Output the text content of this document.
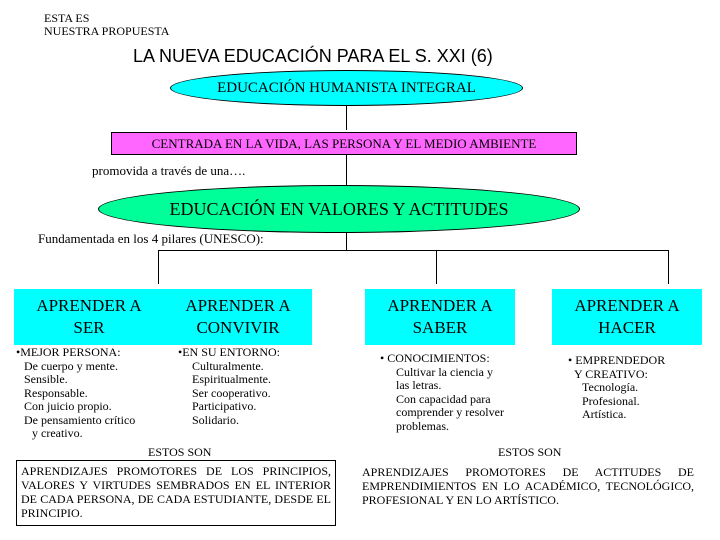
ESTA ES
NUESTRA PROPUESTA
LA NUEVA EDUCACIÓN PARA EL S. XXI (6)
EDUCACIÓN HUMANISTA INTEGRAL
CENTRADA EN LA VIDA, LAS PERSONA Y EL MEDIO AMBIENTE
promovida a través de una….
EDUCACIÓN EN VALORES Y ACTITUDES
Fundamentada en los 4 pilares (UNESCO):
APRENDER A
SER
APRENDER A
CONVIVIR
APRENDER A
SABER
APRENDER A
HACER
•MEJOR PERSONA:
De cuerpo y mente.
Sensible.
Responsable.
Con juicio propio.
De pensamiento crítico
y creativo.
•EN SU ENTORNO:
Culturalmente.
Espiritualmente.
Ser cooperativo.
Participativo.
Solidario.
• CONOCIMIENTOS:
Cultivar la ciencia y
las letras.
Con capacidad para
comprender y resolver
problemas.
• EMPRENDEDOR
Y CREATIVO:
Tecnología.
Profesional.
Artística.
ESTOS SON	ESTOS SON
APRENDIZAJES PROMOTORES DE LOS PRINCIPIOS, VALORES Y VIRTUDES SEMBRADOS EN EL INTERIOR DE CADA PERSONA, DE CADA ESTUDIANTE, DESDE EL PRINCIPIO.
APRENDIZAJES PROMOTORES DE ACTITUDES DE EMPRENDIMIENTOS EN LO ACADÉMICO, TECNOLÓGICO, PROFESIONAL Y EN LO ARTÍSTICO.
